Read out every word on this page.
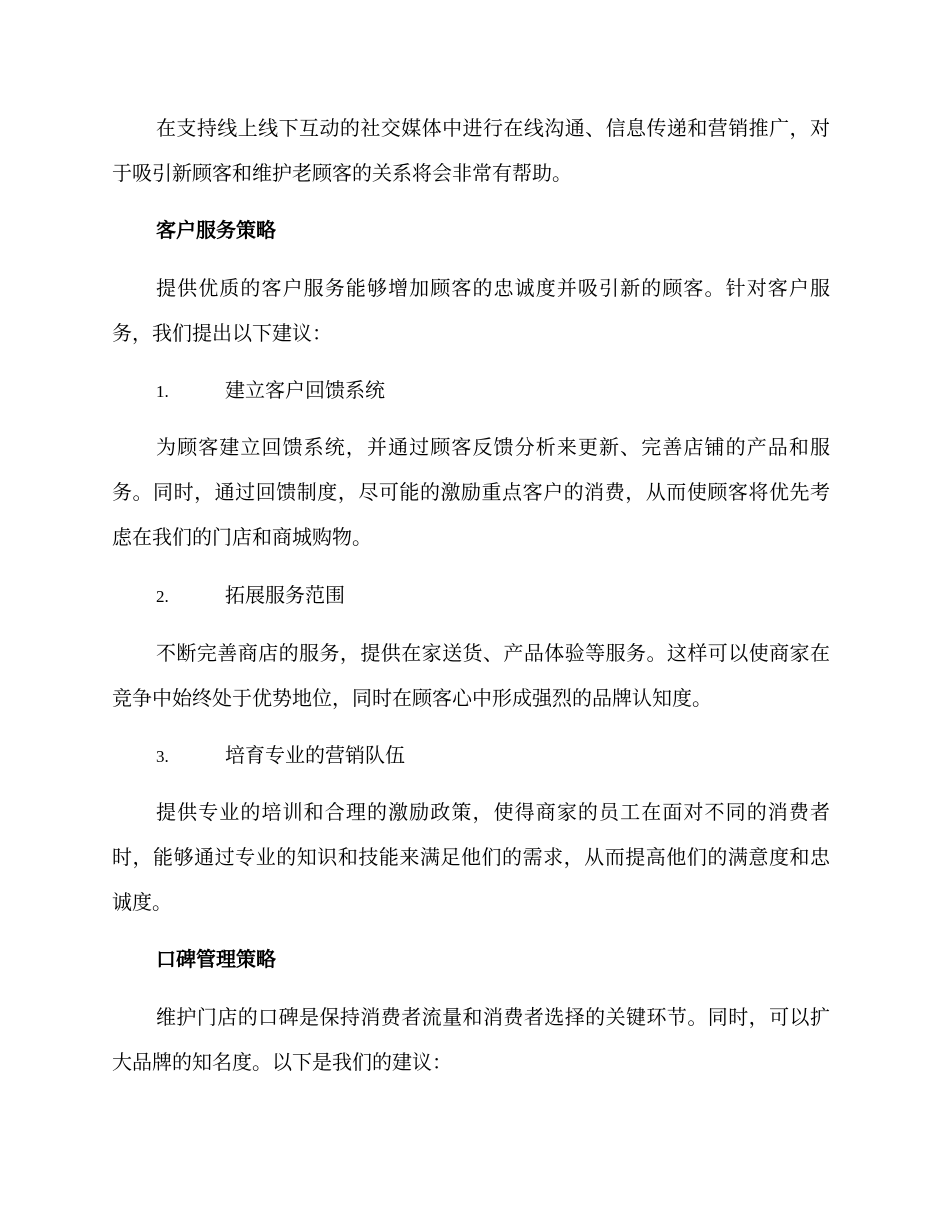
在支持线上线下互动的社交媒体中进行在线沟通、信息传递和营销推广，对于吸引新顾客和维护老顾客的关系将会非常有帮助。

客户服务策略

提供优质的客户服务能够增加顾客的忠诚度并吸引新的顾客。针对客户服务，我们提出以下建议：

1.	建立客户回馈系统

为顾客建立回馈系统，并通过顾客反馈分析来更新、完善店铺的产品和服务。同时，通过回馈制度，尽可能的激励重点客户的消费，从而使顾客将优先考虑在我们的门店和商城购物。

2.	拓展服务范围

不断完善商店的服务，提供在家送货、产品体验等服务。这样可以使商家在竞争中始终处于优势地位，同时在顾客心中形成强烈的品牌认知度。

3.	培育专业的营销队伍

提供专业的培训和合理的激励政策，使得商家的员工在面对不同的消费者时，能够通过专业的知识和技能来满足他们的需求，从而提高他们的满意度和忠诚度。

口碑管理策略

维护门店的口碑是保持消费者流量和消费者选择的关键环节。同时，可以扩大品牌的知名度。以下是我们的建议：
